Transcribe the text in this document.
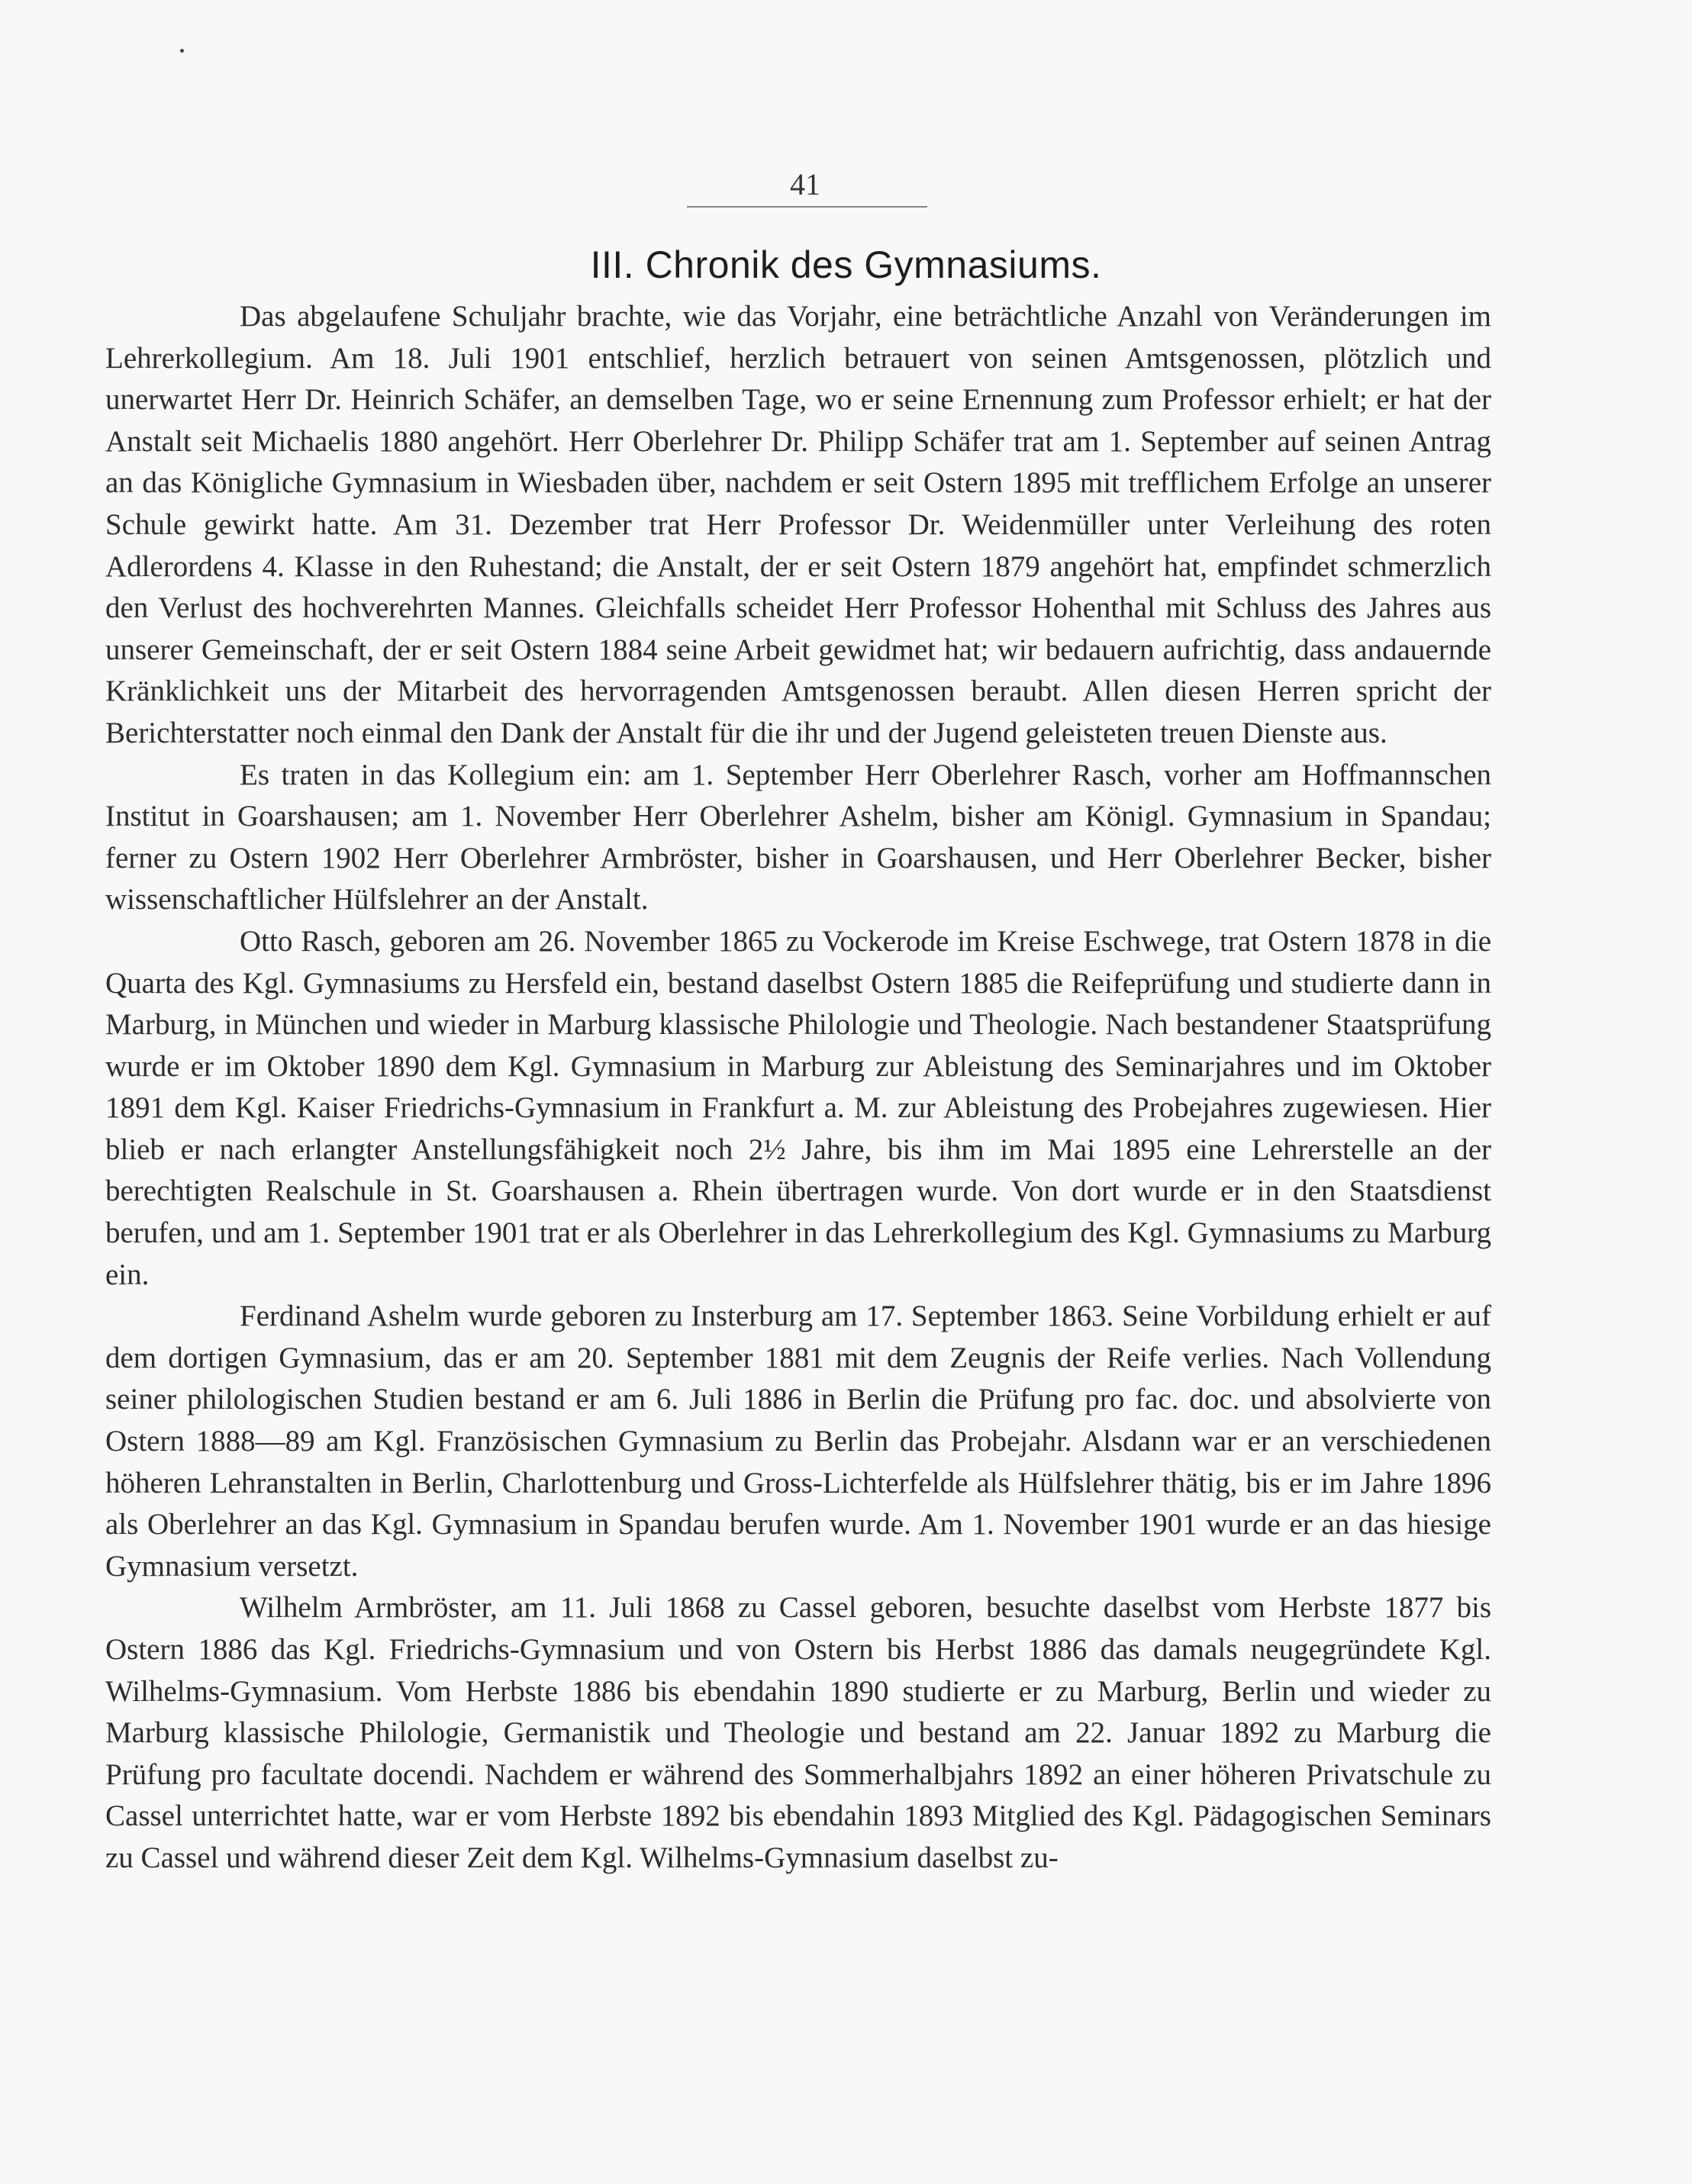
41
III. Chronik des Gymnasiums.

Das abgelaufene Schuljahr brachte, wie das Vorjahr, eine beträchtliche Anzahl von Veränderungen im Lehrerkollegium. Am 18. Juli 1901 entschlief, herzlich betrauert von seinen Amtsgenossen, plötzlich und unerwartet Herr Dr. Heinrich Schäfer, an demselben Tage, wo er seine Ernennung zum Professor erhielt; er hat der Anstalt seit Michaelis 1880 angehört. Herr Oberlehrer Dr. Philipp Schäfer trat am 1. September auf seinen Antrag an das Königliche Gymnasium in Wiesbaden über, nachdem er seit Ostern 1895 mit trefflichem Erfolge an unserer Schule gewirkt hatte. Am 31. Dezember trat Herr Professor Dr. Weidenmüller unter Verleihung des roten Adlerordens 4. Klasse in den Ruhestand; die Anstalt, der er seit Ostern 1879 angehört hat, empfindet schmerzlich den Verlust des hochverehrten Mannes. Gleichfalls scheidet Herr Professor Hohenthal mit Schluss des Jahres aus unserer Gemeinschaft, der er seit Ostern 1884 seine Arbeit gewidmet hat; wir bedauern aufrichtig, dass andauernde Kränklichkeit uns der Mitarbeit des hervorragenden Amtsgenossen beraubt. Allen diesen Herren spricht der Berichterstatter noch einmal den Dank der Anstalt für die ihr und der Jugend geleisteten treuen Dienste aus.

Es traten in das Kollegium ein: am 1. September Herr Oberlehrer Rasch, vorher am Hoffmannschen Institut in Goarshausen; am 1. November Herr Oberlehrer Ashelm, bisher am Königl. Gymnasium in Spandau; ferner zu Ostern 1902 Herr Oberlehrer Armbröster, bisher in Goarshausen, und Herr Oberlehrer Becker, bisher wissenschaftlicher Hülfslehrer an der Anstalt.

Otto Rasch, geboren am 26. November 1865 zu Vockerode im Kreise Eschwege, trat Ostern 1878 in die Quarta des Kgl. Gymnasiums zu Hersfeld ein, bestand daselbst Ostern 1885 die Reifeprüfung und studierte dann in Marburg, in München und wieder in Marburg klassische Philologie und Theologie. Nach bestandener Staatsprüfung wurde er im Oktober 1890 dem Kgl. Gymnasium in Marburg zur Ableistung des Seminarjahres und im Oktober 1891 dem Kgl. Kaiser Friedrichs-Gymnasium in Frankfurt a. M. zur Ableistung des Probejahres zugewiesen. Hier blieb er nach erlangter Anstellungsfähigkeit noch 2½ Jahre, bis ihm im Mai 1895 eine Lehrerstelle an der berechtigten Realschule in St. Goarshausen a. Rhein übertragen wurde. Von dort wurde er in den Staatsdienst berufen, und am 1. September 1901 trat er als Oberlehrer in das Lehrerkollegium des Kgl. Gymnasiums zu Marburg ein.

Ferdinand Ashelm wurde geboren zu Insterburg am 17. September 1863. Seine Vorbildung erhielt er auf dem dortigen Gymnasium, das er am 20. September 1881 mit dem Zeugnis der Reife verlies. Nach Vollendung seiner philologischen Studien bestand er am 6. Juli 1886 in Berlin die Prüfung pro fac. doc. und absolvierte von Ostern 1888—89 am Kgl. Französischen Gymnasium zu Berlin das Probejahr. Alsdann war er an verschiedenen höheren Lehranstalten in Berlin, Charlottenburg und Gross-Lichterfelde als Hülfslehrer thätig, bis er im Jahre 1896 als Oberlehrer an das Kgl. Gymnasium in Spandau berufen wurde. Am 1. November 1901 wurde er an das hiesige Gymnasium versetzt.

Wilhelm Armbröster, am 11. Juli 1868 zu Cassel geboren, besuchte daselbst vom Herbste 1877 bis Ostern 1886 das Kgl. Friedrichs-Gymnasium und von Ostern bis Herbst 1886 das damals neugegründete Kgl. Wilhelms-Gymnasium. Vom Herbste 1886 bis ebendahin 1890 studierte er zu Marburg, Berlin und wieder zu Marburg klassische Philologie, Germanistik und Theologie und bestand am 22. Januar 1892 zu Marburg die Prüfung pro facultate docendi. Nachdem er während des Sommerhalbjahrs 1892 an einer höheren Privatschule zu Cassel unterrichtet hatte, war er vom Herbste 1892 bis ebendahin 1893 Mitglied des Kgl. Pädagogischen Seminars zu Cassel und während dieser Zeit dem Kgl. Wilhelms-Gymnasium daselbst zu-
